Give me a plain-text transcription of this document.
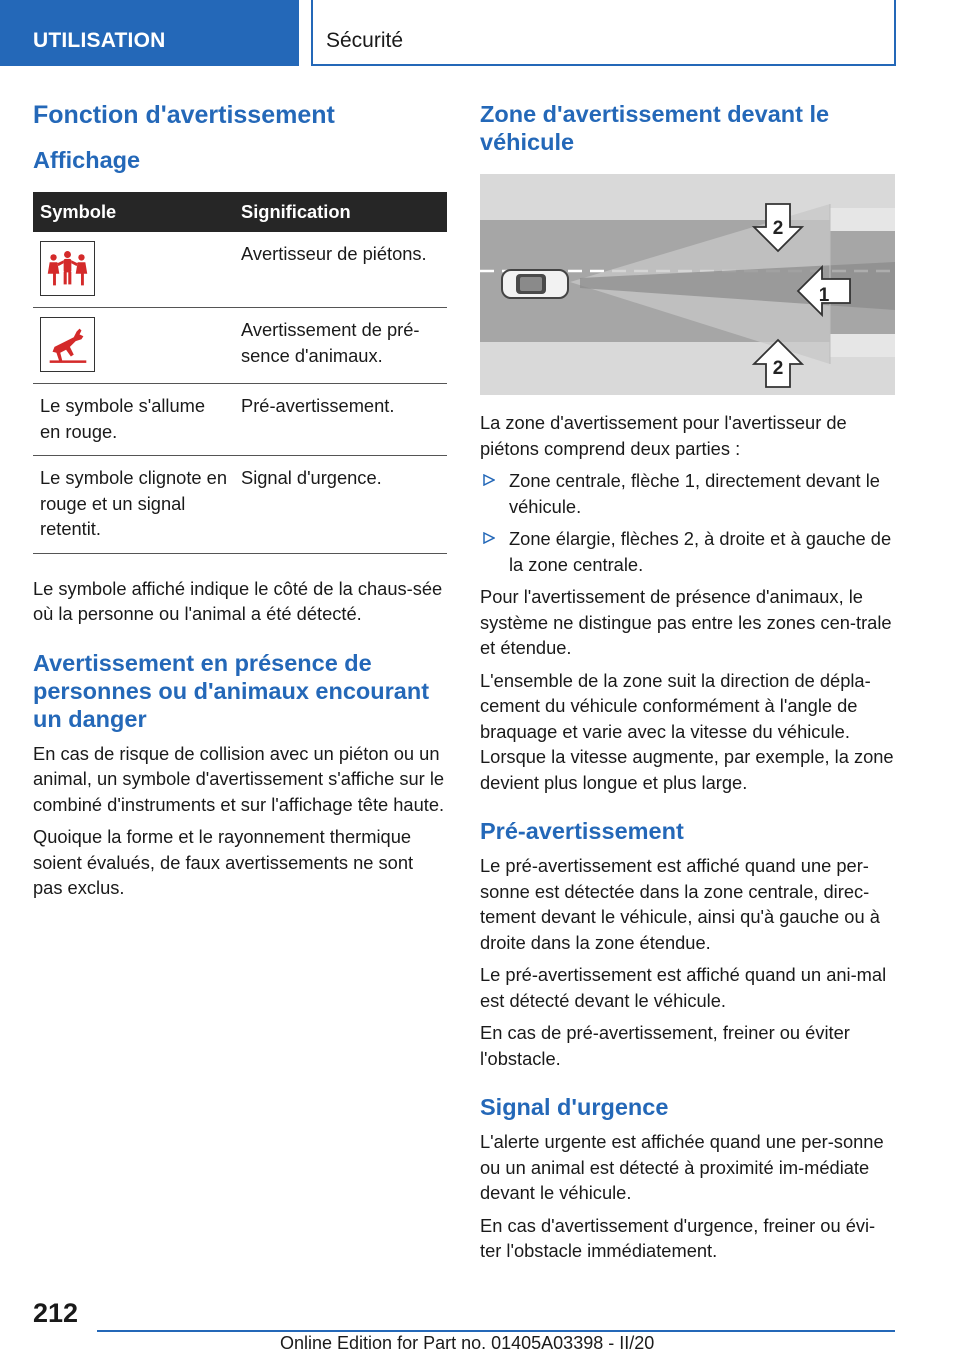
UTILISATION	Sécurité
Fonction d'avertissement
Affichage
Symbole	Signification

	Avertisseur de piétons.

	Avertissement de pré-sence d'animaux.
Le symbole s'allume en rouge.	Pré-avertissement.
Le symbole clignote en rouge et un signal retentit.	Signal d'urgence.

Le symbole affiché indique le côté de la chaus-sée où la personne ou l'animal a été détecté.

Avertissement en présence de personnes ou d'animaux encourant un danger

En cas de risque de collision avec un piéton ou un animal, un symbole d'avertissement s'affiche sur le combiné d'instruments et sur l'affichage tête haute.

Quoique la forme et le rayonnement thermique soient évalués, de faux avertissements ne sont pas exclus.

Zone d'avertissement devant le véhicule
1
2
2

La zone d'avertissement pour l'avertisseur de piétons comprend deux parties :

Zone centrale, flèche 1, directement devant le véhicule.
Zone élargie, flèches 2, à droite et à gauche de la zone centrale.

Pour l'avertissement de présence d'animaux, le système ne distingue pas entre les zones cen-trale et étendue.

L'ensemble de la zone suit la direction de dépla-cement du véhicule conformément à l'angle de braquage et varie avec la vitesse du véhicule. Lorsque la vitesse augmente, par exemple, la zone devient plus longue et plus large.

Pré-avertissement

Le pré-avertissement est affiché quand une per-sonne est détectée dans la zone centrale, direc-tement devant le véhicule, ainsi qu'à gauche ou à droite dans la zone étendue.

Le pré-avertissement est affiché quand un ani-mal est détecté devant le véhicule.

En cas de pré-avertissement, freiner ou éviter l'obstacle.

Signal d'urgence

L'alerte urgente est affichée quand une per-sonne ou un animal est détecté à proximité im-médiate devant le véhicule.

En cas d'avertissement d'urgence, freiner ou évi-ter l'obstacle immédiatement.

212
Online Edition for Part no. 01405A03398 - II/20
